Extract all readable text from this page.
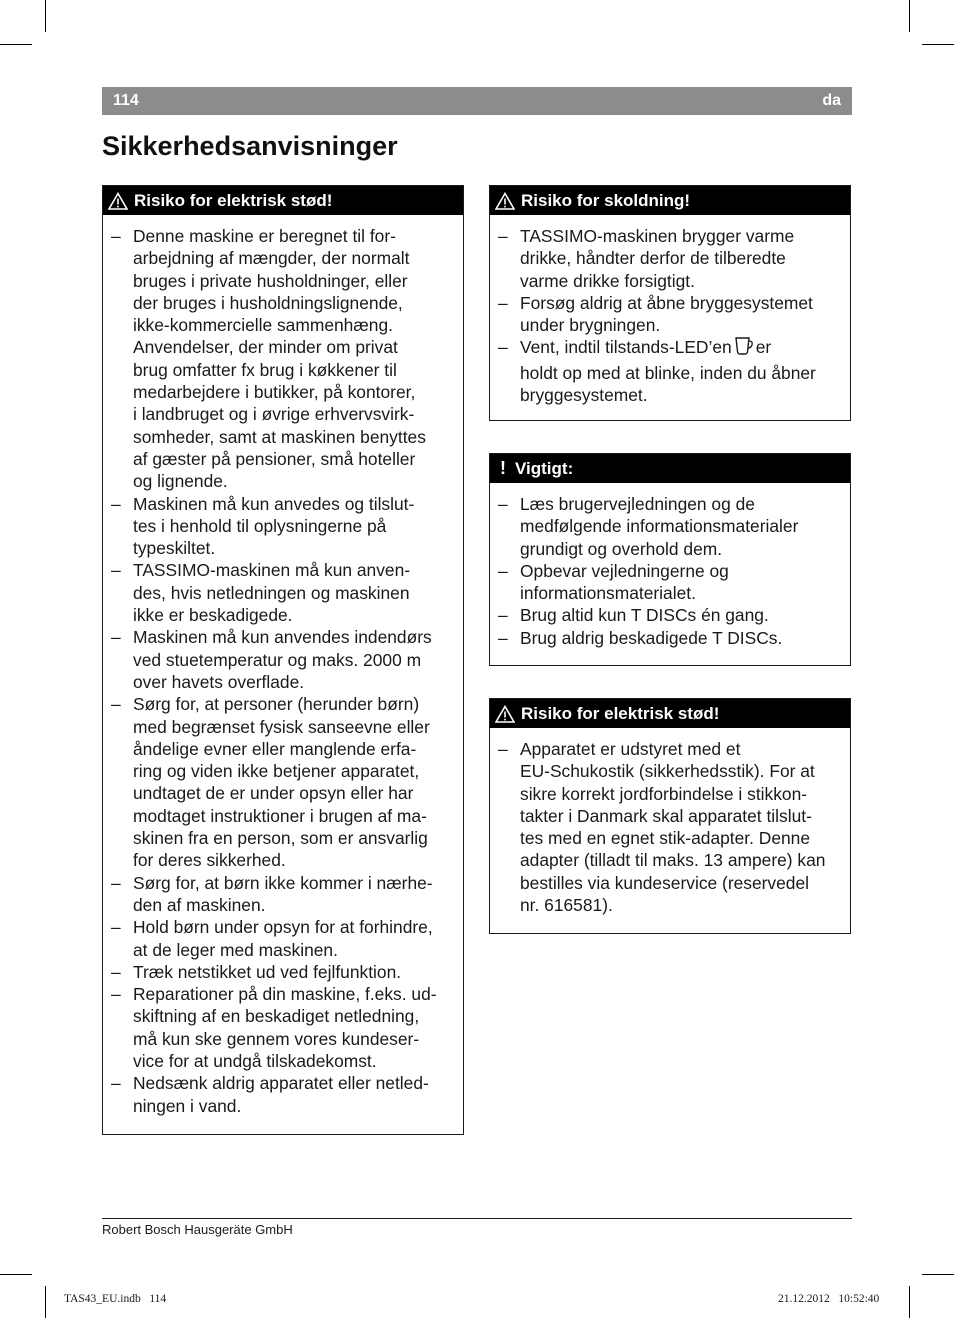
114	da
Sikkerhedsanvisninger
Risiko for elektrisk stød!
– Denne maskine er beregnet til for-
arbejdning af mængder, der normalt
bruges i private husholdninger, eller
der bruges i husholdningslignende,
ikke-kommercielle sammenhæng.
Anvendelser, der minder om privat
brug omfatter fx brug i køkkener til
medarbejdere i butikker, på kontorer,
i landbruget og i øvrige erhvervsvirk-
somheder, samt at maskinen benyttes
af gæster på pensioner, små hoteller
og lignende.
– Maskinen må kun anvedes og tilslut-
tes i henhold til oplysningerne på
typeskiltet.
– TASSIMO-maskinen må kun anven-
des, hvis netledningen og maskinen
ikke er beskadigede.
– Maskinen må kun anvendes indendørs
ved stuetemperatur og maks. 2000 m
over havets overflade.
– Sørg for, at personer (herunder børn)
med begrænset fysisk sanseevne eller
åndelige evner eller manglende erfa-
ring og viden ikke betjener apparatet,
undtaget de er under opsyn eller har
modtaget instruktioner i brugen af ma-
skinen fra en person, som er ansvarlig
for deres sikkerhed.
– Sørg for, at børn ikke kommer i nærhe-
den af maskinen.
– Hold børn under opsyn for at forhindre,
at de leger med maskinen.
– Træk netstikket ud ved fejlfunktion.
– Reparationer på din maskine, f.eks. ud-
skiftning af en beskadiget netledning,
må kun ske gennem vores kundeser-
vice for at undgå tilskadekomst.
– Nedsænk aldrig apparatet eller netled-
ningen i vand.
Risiko for skoldning!
– TASSIMO-maskinen brygger varme
drikke, håndter derfor de tilberedte
varme drikke forsigtigt.
– Forsøg aldrig at åbne bryggesystemet
under brygningen.
– Vent, indtil tilstands-LED’en er
holdt op med at blinke, inden du åbner
bryggesystemet.
! Vigtigt:
– Læs brugervejledningen og de
medfølgende informationsmaterialer
grundigt og overhold dem.
– Opbevar vejledningerne og
informationsmaterialet.
– Brug altid kun T DISCs én gang.
– Brug aldrig beskadigede T DISCs.
Risiko for elektrisk stød!
– Apparatet er udstyret med et
EU-Schukostik (sikkerhedsstik). For at
sikre korrekt jordforbindelse i stikkon-
takter i Danmark skal apparatet tilslut-
tes med en egnet stik-adapter. Denne
adapter (tilladt til maks. 13 ampere) kan
bestilles via kundeservice (reservedel
nr. 616581).
Robert Bosch Hausgeräte GmbH
TAS43_EU.indb   114	21.12.2012   10:52:40
